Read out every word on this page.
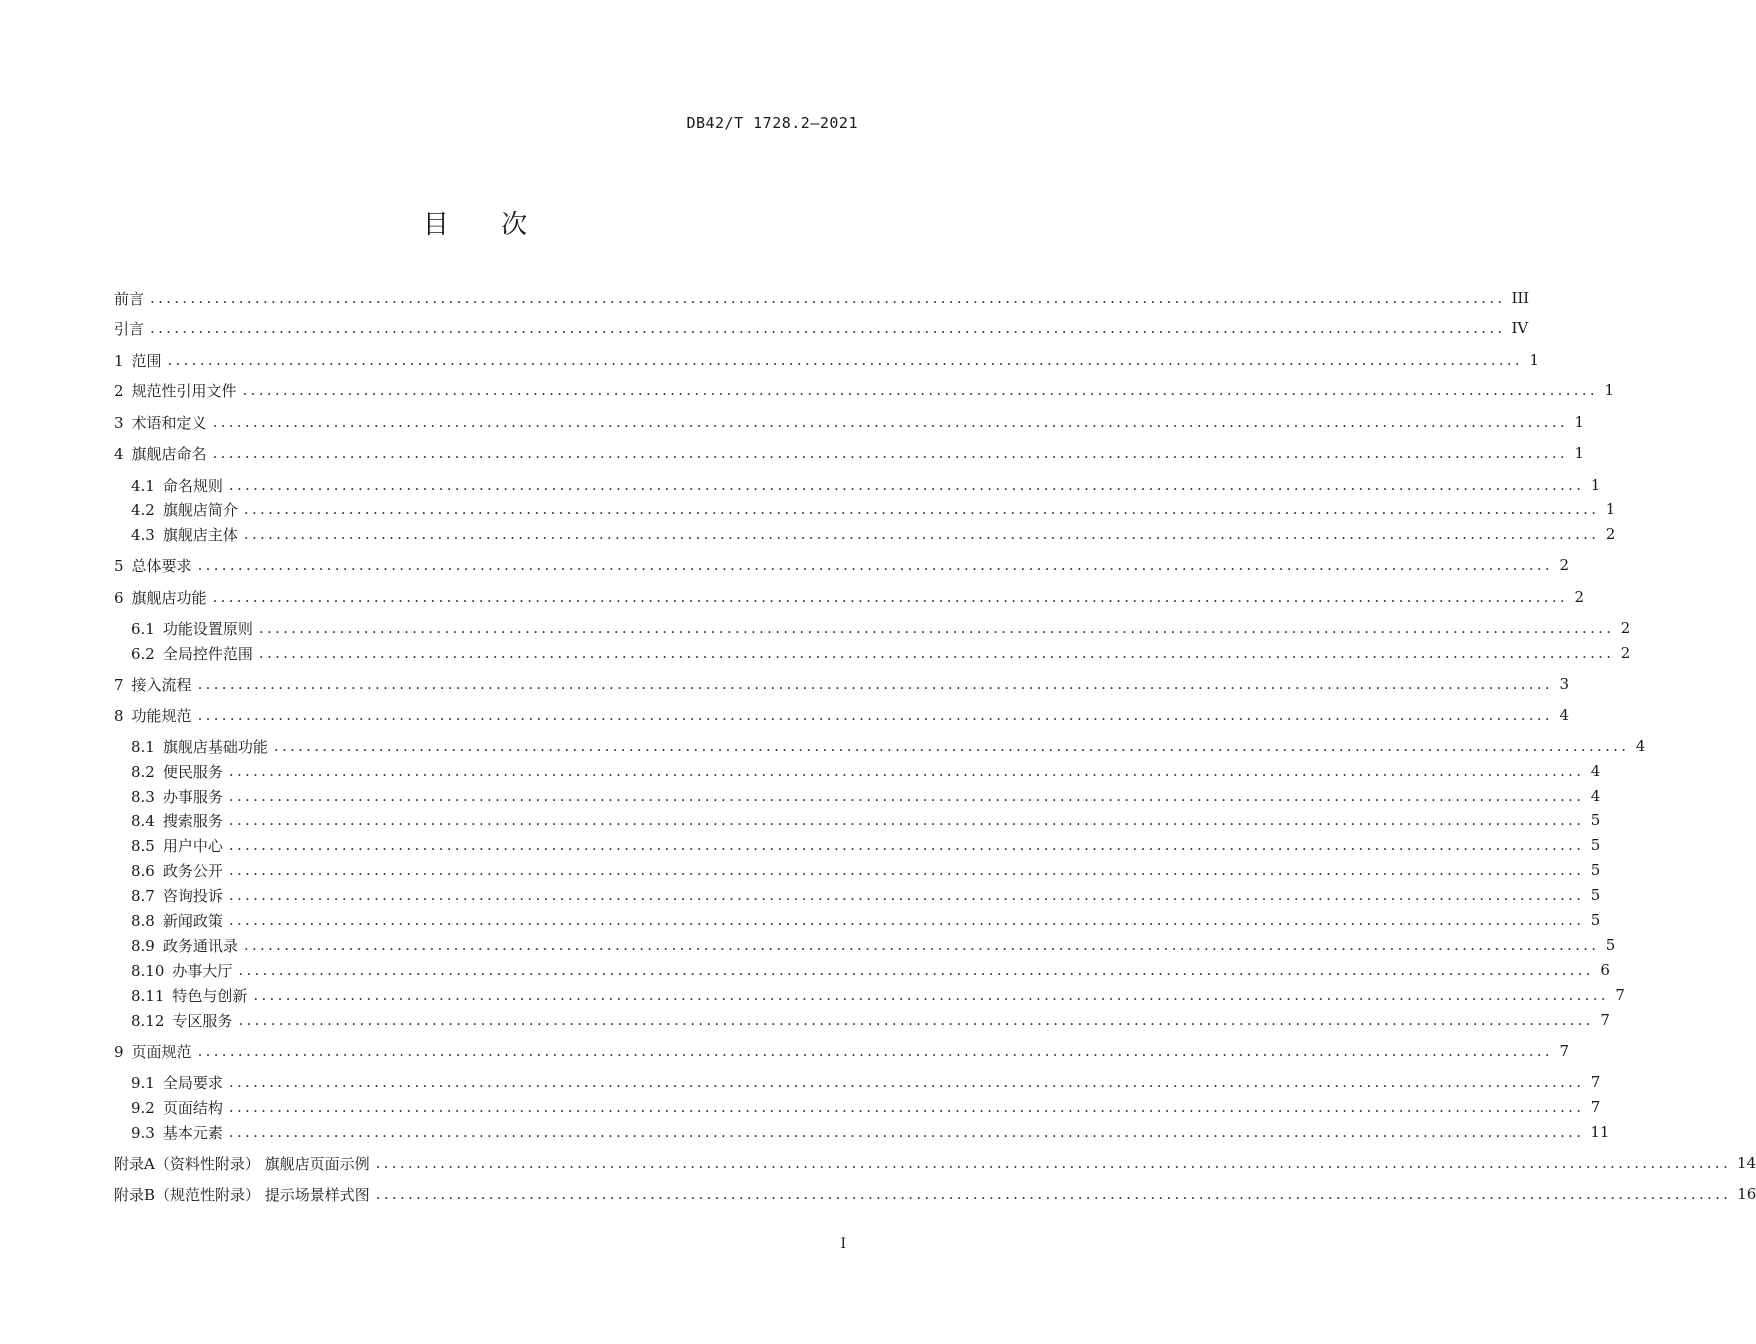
DB42/T 1728.2—2021
目 次
前言 ........................................................................................................................................................................ III
引言 ........................................................................................................................................................................ IV
1 范围 ........................................................................................................................................................................ 1
2 规范性引用文件 ........................................................................................................................................................................ 1
3 术语和定义 ........................................................................................................................................................................ 1
4 旗舰店命名 ........................................................................................................................................................................ 1
4.1 命名规则 ........................................................................................................................................................................ 1
4.2 旗舰店简介 ........................................................................................................................................................................ 1
4.3 旗舰店主体 ........................................................................................................................................................................ 2
5 总体要求 ........................................................................................................................................................................ 2
6 旗舰店功能 ........................................................................................................................................................................ 2
6.1 功能设置原则 ........................................................................................................................................................................ 2
6.2 全局控件范围 ........................................................................................................................................................................ 2
7 接入流程 ........................................................................................................................................................................ 3
8 功能规范 ........................................................................................................................................................................ 4
8.1 旗舰店基础功能 ........................................................................................................................................................................ 4
8.2 便民服务 ........................................................................................................................................................................ 4
8.3 办事服务 ........................................................................................................................................................................ 4
8.4 搜索服务 ........................................................................................................................................................................ 5
8.5 用户中心 ........................................................................................................................................................................ 5
8.6 政务公开 ........................................................................................................................................................................ 5
8.7 咨询投诉 ........................................................................................................................................................................ 5
8.8 新闻政策 ........................................................................................................................................................................ 5
8.9 政务通讯录 ........................................................................................................................................................................ 5
8.10 办事大厅 ........................................................................................................................................................................ 6
8.11 特色与创新 ........................................................................................................................................................................ 7
8.12 专区服务 ........................................................................................................................................................................ 7
9 页面规范 ........................................................................................................................................................................ 7
9.1 全局要求 ........................................................................................................................................................................ 7
9.2 页面结构 ........................................................................................................................................................................ 7
9.3 基本元素 ........................................................................................................................................................................ 11
附录A（资料性附录） 旗舰店页面示例 ........................................................................................................................................................................ 14
附录B（规范性附录） 提示场景样式图 ........................................................................................................................................................................ 16
I
